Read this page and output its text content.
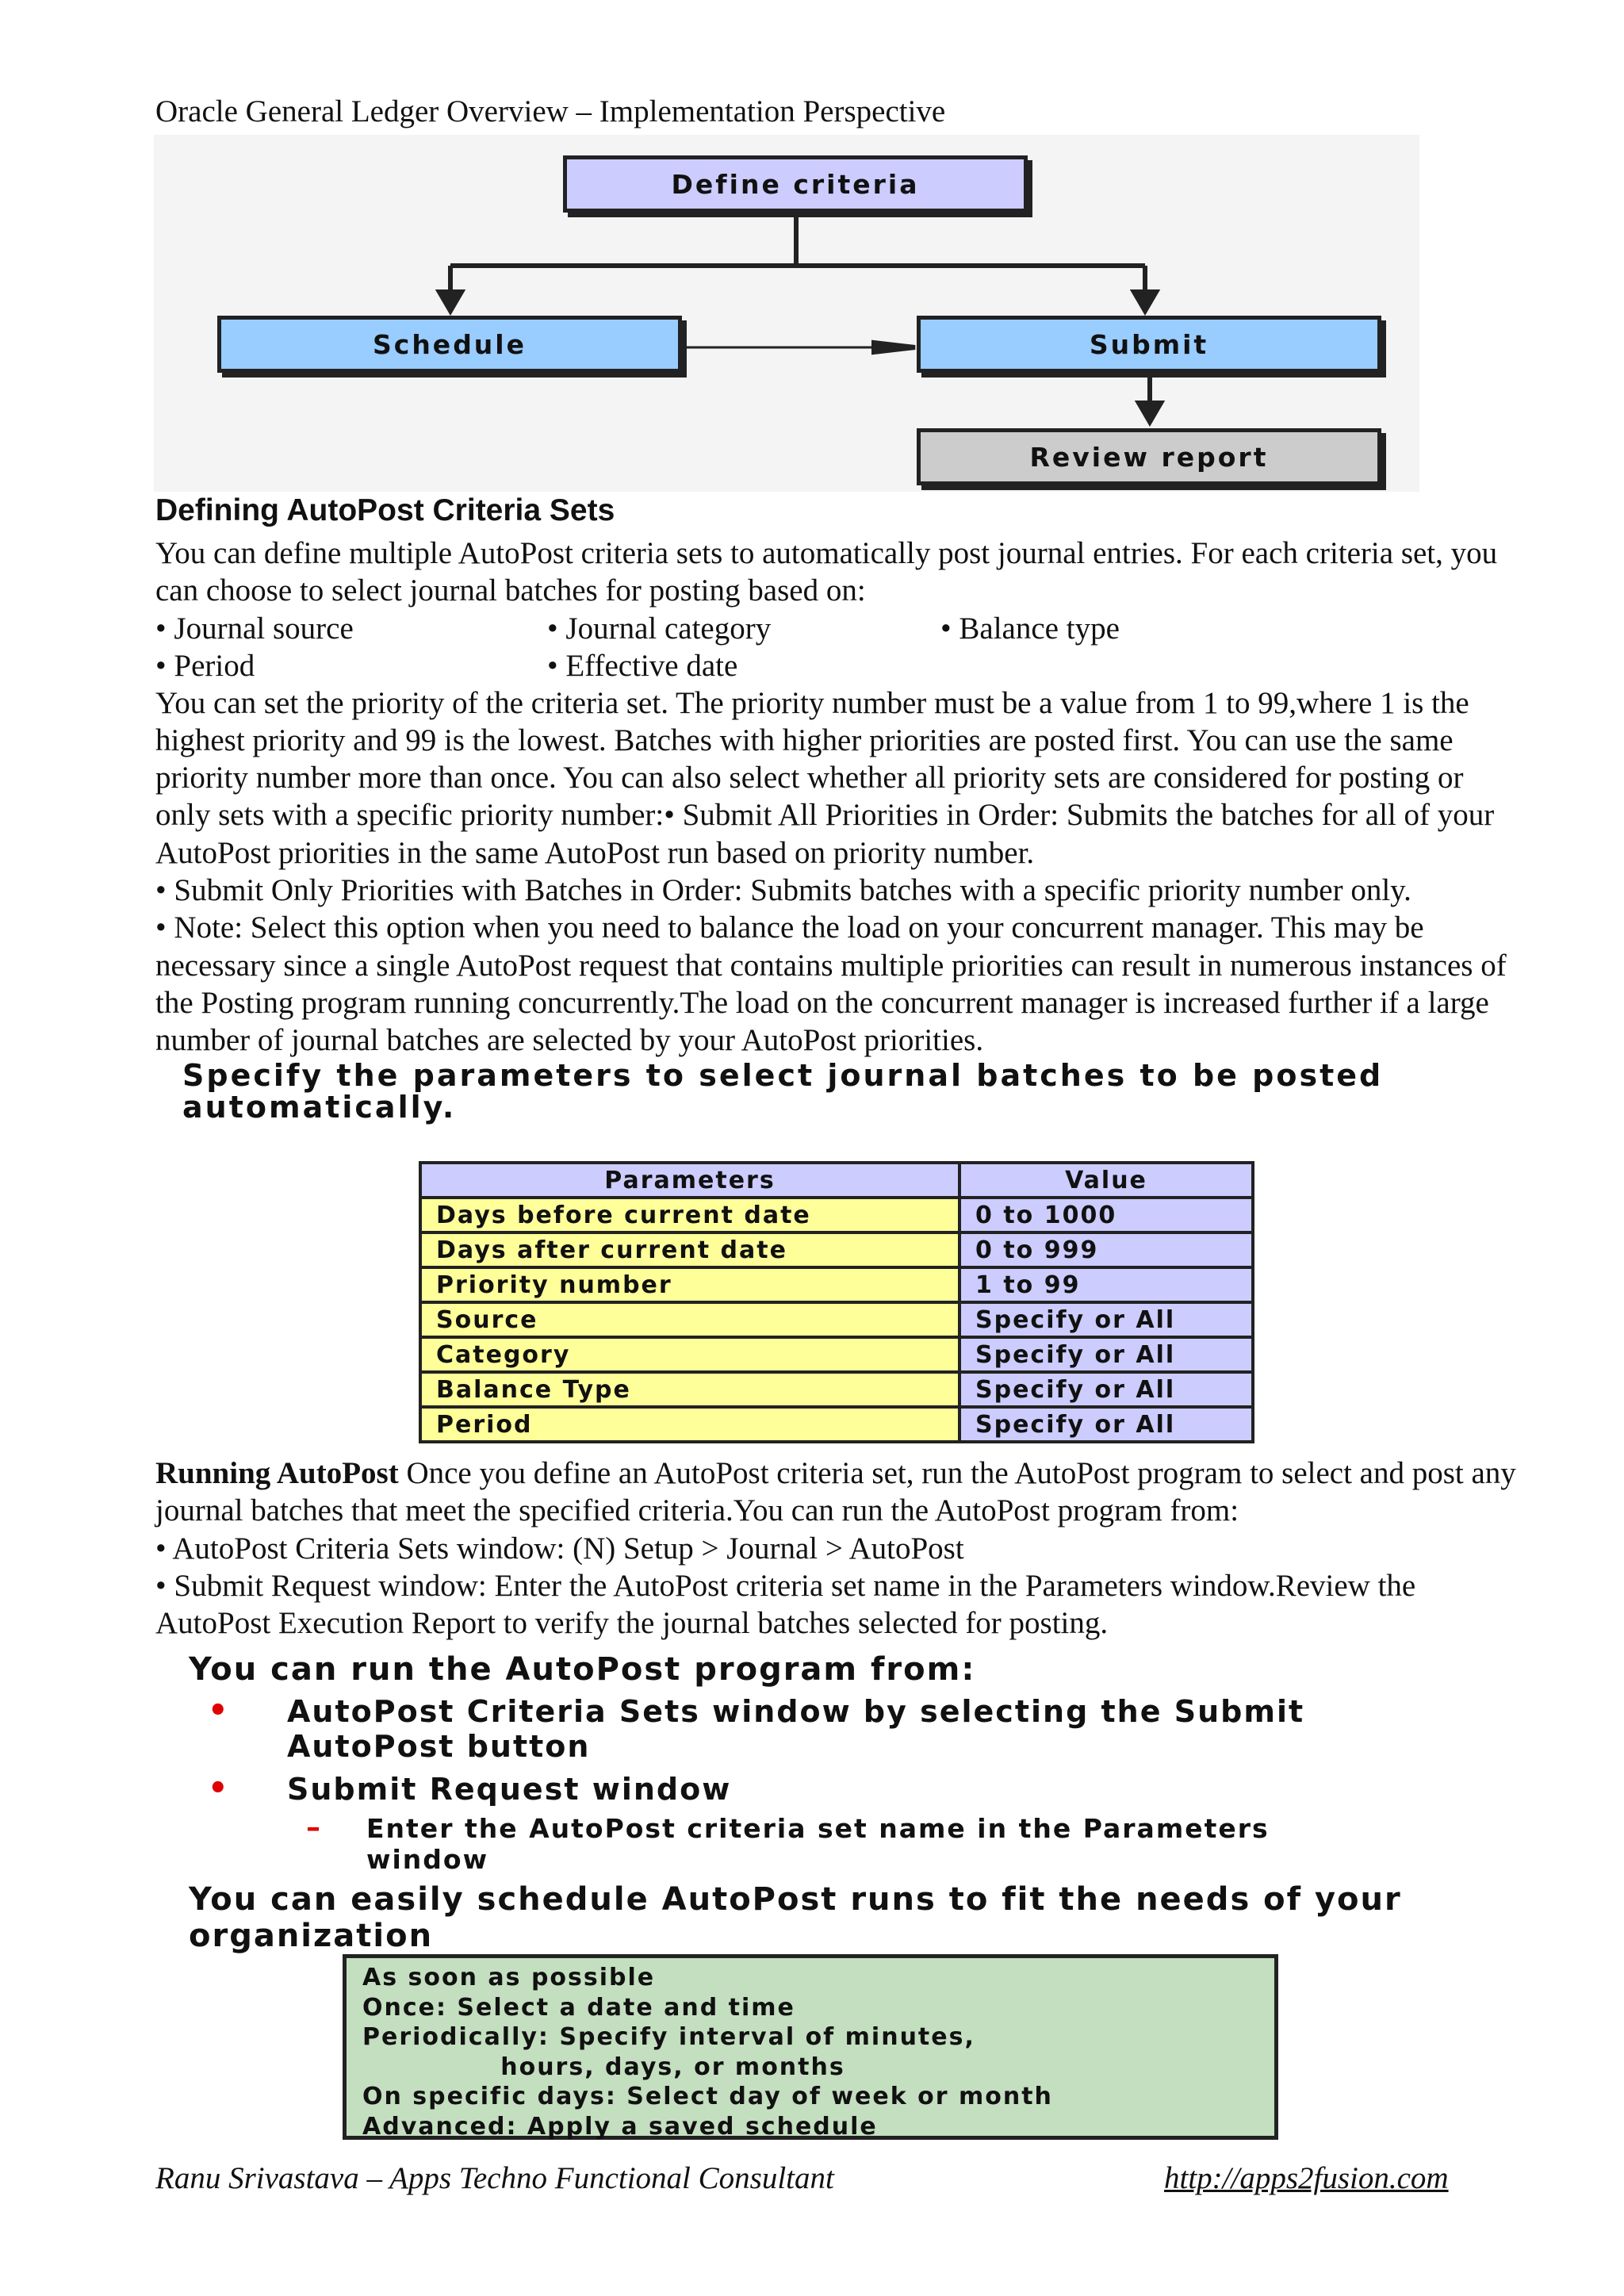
Oracle General Ledger Overview – Implementation Perspective
Define criteria
Schedule	Submit
Review report
Defining AutoPost Criteria Sets

You can define multiple AutoPost criteria sets to automatically post journal entries. For each criteria set, you can choose to select journal batches for posting based on:

• Journal source	• Journal category	• Balance type
• Period	• Effective date

You can set the priority of the criteria set. The priority number must be a value from 1 to 99,where 1 is the highest priority and 99 is the lowest. Batches with higher priorities are posted first. You can use the same priority number more than once. You can also select whether all priority sets are considered for posting or only sets with a specific priority number:• Submit All Priorities in Order: Submits the batches for all of your AutoPost priorities in the same AutoPost run based on priority number.

• Submit Only Priorities with Batches in Order: Submits batches with a specific priority number only.

• Note: Select this option when you need to balance the load on your concurrent manager. This may be necessary since a single AutoPost request that contains multiple priorities can result in numerous instances of the Posting program running concurrently.The load on the concurrent manager is increased further if a large number of journal batches are selected by your AutoPost priorities.

Specify the parameters to select journal batches to be posted automatically.
Parameters	Value
Days before current date	0 to 1000
Days after current date	0 to 999
Priority number	1 to 99
Source	Specify or All
Category	Specify or All
Balance Type	Specify or All
Period	Specify or All

Running AutoPost Once you define an AutoPost criteria set, run the AutoPost program to select and post any journal batches that meet the specified criteria.You can run the AutoPost program from:

• AutoPost Criteria Sets window: (N) Setup > Journal > AutoPost

• Submit Request window: Enter the AutoPost criteria set name in the Parameters window.Review the AutoPost Execution Report to verify the journal batches selected for posting.

You can run the AutoPost program from:
• AutoPost Criteria Sets window by selecting the Submit AutoPost button
• Submit Request window
– Enter the AutoPost criteria set name in the Parameters window
You can easily schedule AutoPost runs to fit the needs of your organization
As soon as possible
Once: Select a date and time
Periodically: Specify interval of minutes,
hours, days, or months
On specific days: Select day of week or month
Advanced: Apply a saved schedule
Ranu Srivastava – Apps Techno Functional Consultant	http://apps2fusion.com
